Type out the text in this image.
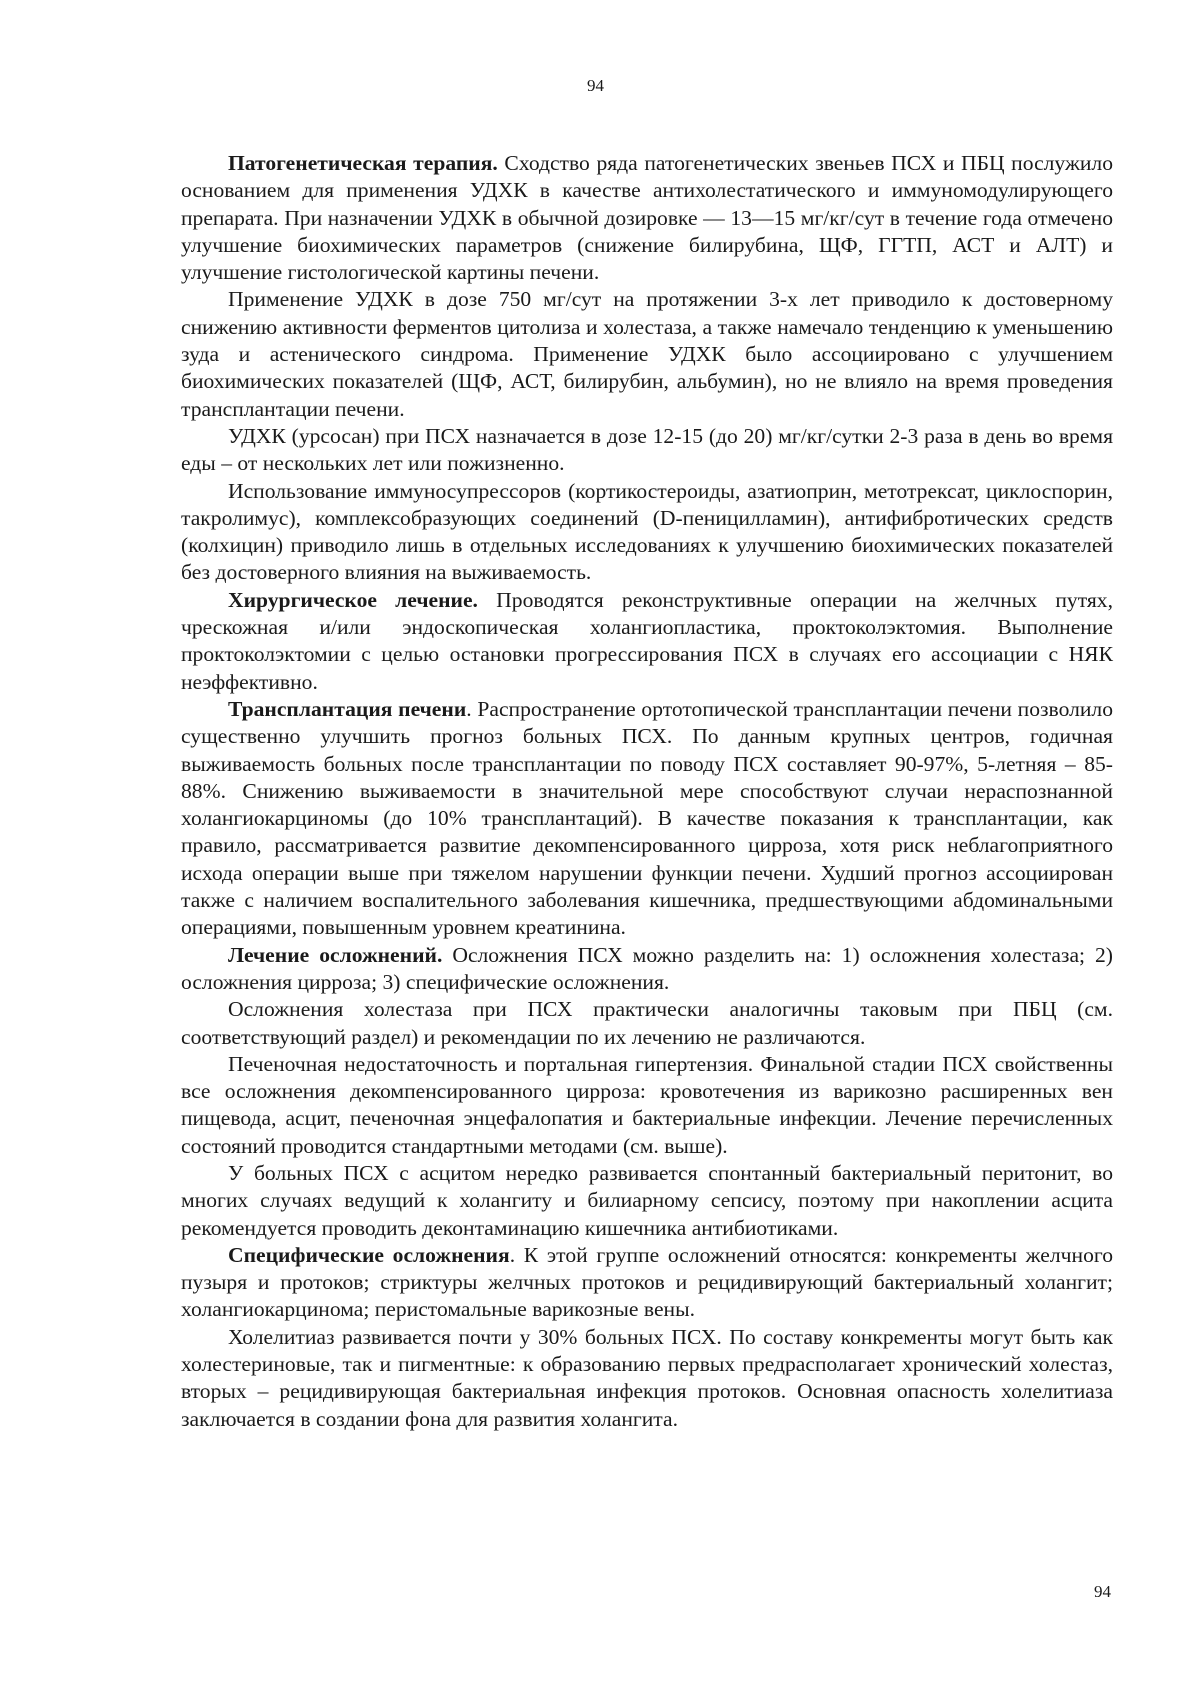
94

Патогенетическая терапия. Сходство ряда патогенетических звеньев ПСХ и ПБЦ послужило основанием для применения УДХК в качестве антихолестатического и иммуномодулирующего препарата. При назначении УДХК в обычной дозировке — 13—15 мг/кг/сут в течение года отмечено улучшение биохимических параметров (снижение билирубина, ЩФ, ГГТП, АСТ и АЛТ) и улучшение гистологической картины печени.

Применение УДХК в дозе 750 мг/сут на протяжении 3-х лет приводило к достоверному снижению активности ферментов цитолиза и холестаза, а также намечало тенденцию к уменьшению зуда и астенического синдрома. Применение УДХК было ассоциировано с улучшением биохимических показателей (ЩФ, АСТ, билирубин, альбумин), но не влияло на время проведения трансплантации печени.

УДХК (урсосан) при ПСХ назначается в дозе 12-15 (до 20) мг/кг/сутки 2-3 раза в день во время еды – от нескольких лет или пожизненно.

Использование иммуносупрессоров (кортикостероиды, азатиоприн, метотрексат, циклоспорин, такролимус), комплексобразующих соединений (D-пеницилламин), антифибротических средств (колхицин) приводило лишь в отдельных исследованиях к улучшению биохимических показателей без достоверного влияния на выживаемость.

Хирургическое лечение. Проводятся реконструктивные операции на желчных путях, чрескожная и/или эндоскопическая холангиопластика, проктоколэктомия. Выполнение проктоколэктомии с целью остановки прогрессирования ПСХ в случаях его ассоциации с НЯК неэффективно.

Трансплантация печени. Распространение ортотопической трансплантации печени позволило существенно улучшить прогноз больных ПСХ. По данным крупных центров, годичная выживаемость больных после трансплантации по поводу ПСХ составляет 90-97%, 5-летняя – 85-88%. Снижению выживаемости в значительной мере способствуют случаи нераспознанной холангиокарциномы (до 10% трансплантаций). В качестве показания к трансплантации, как правило, рассматривается развитие декомпенсированного цирроза, хотя риск неблагоприятного исхода операции выше при тяжелом нарушении функции печени. Худший прогноз ассоциирован также с наличием воспалительного заболевания кишечника, предшествующими абдоминальными операциями, повышенным уровнем креатинина.

Лечение осложнений. Осложнения ПСХ можно разделить на: 1) осложнения холестаза; 2) осложнения цирроза; 3) специфические осложнения.

Осложнения холестаза при ПСХ практически аналогичны таковым при ПБЦ (см. соответствующий раздел) и рекомендации по их лечению не различаются.

Печеночная недостаточность и портальная гипертензия. Финальной стадии ПСХ свойственны все осложнения декомпенсированного цирроза: кровотечения из варикозно расширенных вен пищевода, асцит, печеночная энцефалопатия и бактериальные инфекции. Лечение перечисленных состояний проводится стандартными методами (см. выше).

У больных ПСХ с асцитом нередко развивается спонтанный бактериальный перитонит, во многих случаях ведущий к холангиту и билиарному сепсису, поэтому при накоплении асцита рекомендуется проводить деконтаминацию кишечника антибиотиками.

Специфические осложнения. К этой группе осложнений относятся: конкременты желчного пузыря и протоков; стриктуры желчных протоков и рецидивирующий бактериальный холангит; холангиокарцинома; перистомальные варикозные вены.

Холелитиаз развивается почти у 30% больных ПСХ. По составу конкременты могут быть как холестериновые, так и пигментные: к образованию первых предрасполагает хронический холестаз, вторых – рецидивирующая бактериальная инфекция протоков. Основная опасность холелитиаза заключается в создании фона для развития холангита.

94
